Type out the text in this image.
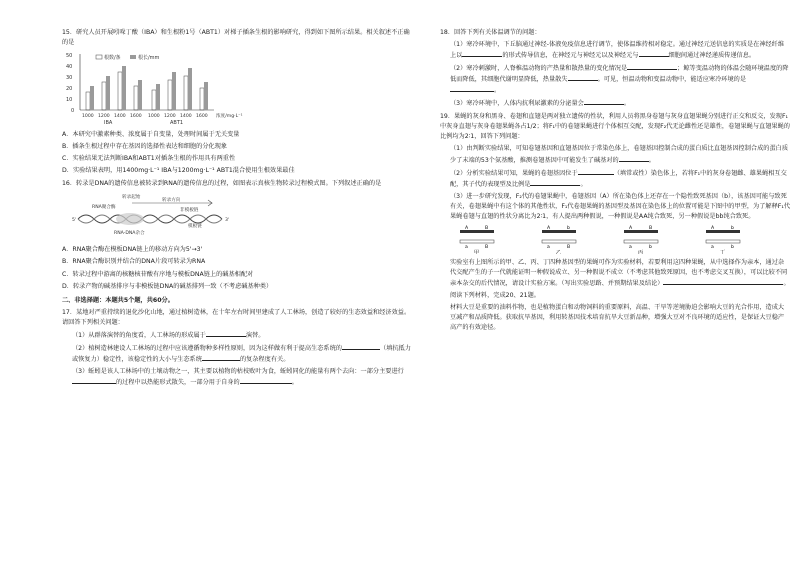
15．研究人员开展吲哚丁酸（IBA）和生根粉1号（ABT1）对梯子插条生根的影响研究，得到如下图所示结果。相关叙述不正确的是

50
40
30
20
10
0
根数/条	根长/mm
1000 1200 1400 1600 1000 1200 1400 1600 浓度/mg·L⁻¹
IBA	ABT1

A．本研究中激素种类、浓度属于自变量，处理时间属于无关变量

B．插条生根过程中存在基因的选择性表达和细胞的分化现象

C．实验结果无法判断IBA和ABT1对插条生根的作用具有两重性

D．实验结果表明，用1400mg·L⁻¹ IBA与1200mg·L⁻¹ ABT1混合使用生根效果最佳

16．转录是DNA的遗传信息被转录到RNA的遗传信息的过程，如图表示真核生物转录过程模式图。下列叙述正确的是

转录起始
转录方向
RNA聚合酶
非模板链
5'	3'
模板链
RNA-DNA杂合

A．RNA聚合酶在模板DNA链上的移动方向为5'→3'

B．RNA聚合酶识别并结合的DNA片段可转录为RNA

C．转录过程中游离的核糖核苷酸有序地与模板DNA链上的碱基相配对

D．转录产物的碱基排序与非模板链DNA的碱基排列一致（不考虑碱基种类）

二、非选择题：本题共5个题，共60分。

17．某地对严重持续的退化沙化山地，通过植树造林，在十年左右时间里建成了人工林场，创造了较好的生态效益和经济效益。请回答下列相关问题：

（1）从群落演替的角度看，人工林场的形成属于	演替。

（2）植树造林建设人工林场的过程中应该遵循物种多样性原则，因为这样做有利于提高生态系统的	（填抗抵力或恢复力）稳定性，该稳定性的大小与生态系统	的复杂程度有关。

（3）蚯蚓是该人工林场中的土壤动物之一，其主要以植物的枯枝败叶为食，蚯蚓同化的能量有两个去向：一部分主要进行的过程中以热能形式散失，一部分用于自身的	。

18．回答下列有关体温调节的问题：

（1）寒冷环境中，下丘脑通过神经-体液免疫信息进行调节，使体温维持相对稳定。通过神经元送信息的实质是在神经纤维上以	的形式传导信息，在神经元与神经元以及神经元与	细胞间通过神经递质传递信息。

（2）寒冷刺激时，人脊椎温动物的产热量和散热量的变化情况是	；鲸等变温动物的体温会随环境温度的降低而降低，其细胞代谢明显降低，热量散失	。可见，恒温动物和变温动物中，能适应寒冷环境的是。

（3）寒冷环境中，人体内抗利尿激素的分泌量会	。

19．果蝇的灰身和黑身、卷翅和直翅是两对独立遗传的性状，利用人员将黑身卷翅与灰身直翅果蝇分别进行正交和反交，发现F₁中灰身直翅与灰身卷翅果蝇各占1/2；将F₁中的卷翅果蝇进行个体相互交配，发现F₂代无论雌性还是雄性，卷翅果蝇与直翅果蝇的比例均为2∶1，回答下列问题：

（1）由判断实验结果，可知卷翅基因和直翅基因位于常染色体上，卷翅基因控制合成的蛋白质比直翅基因控制合成的蛋白质少了末端的53个氨基酸，推测卷翅基因中可能发生了碱基对的	。

（2）分析实验结果可知，果蝇的卷翅基因位于	（填常或性）染色体上，若将F₁中的灰身卷翅雌、雄果蝇相互交配，其子代的表现型及比例是	。

（3）进一步研究发现，F₂代的卷翅果蝇中，卷翅基因（A）所在染色体上还存在一个隐性致死基因（b），该基因可能与致死有关，卷翅果蝇中有这个体的其他性状，F₁代卷翅果蝇的基因型及基因在染色体上的位置可能是下图中的甲型，为了解释F₁代果蝇卷翅与直翅的性状分离比为2∶1，有人提出两种假说，一种假说是AA纯合致死，另一种假说是bb纯合致死。

A	B
a	B
甲
A	b
a	B
乙
A	B
a	b
丙
A	b
a	b
丁

实验室有上图所示的甲、乙、丙、丁四种基因型的果蝇可作为实验材料，若要利用这四种果蝇，从中选择作为亲本，通过杂代交配产生的子一代就能证明一种假说成立、另一种假说不成立（不考虑其他致死原因，也不考虑交叉互换），可以比较不同亲本杂交的后代情况，请设计实验方案。（写出实验思路、并预期结果及结论）	。

阅读下列材料，完成20、21题。

材料大豆是重要的油料作物，也是植物蛋白和动物饲料的重要原料，高温、干旱等逆境胁迫会影响大豆的光合作用，造成大豆减产和品质降低。获取抗旱基因，利用转基因技术培育抗旱大豆新品种，增强大豆对不良环境的适应性，是保证大豆稳产高产的有效途径。
